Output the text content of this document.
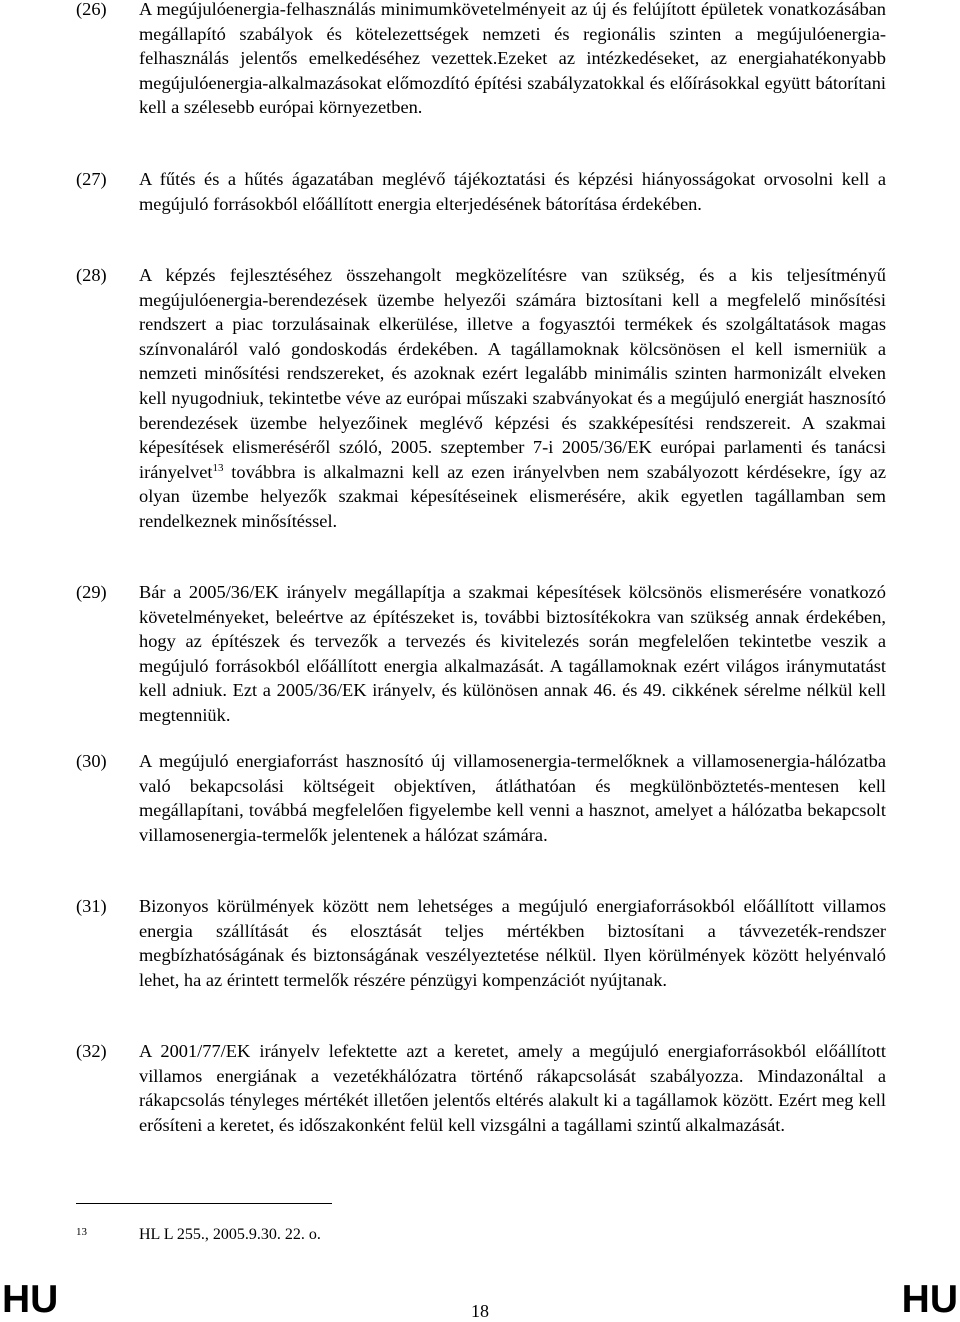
(26)	A megújulóenergia-felhasználás minimumkövetelményeit az új és felújított épületek vonatkozásában megállapító szabályok és kötelezettségek nemzeti és regionális szinten a megújulóenergia-felhasználás jelentős emelkedéséhez vezettek.Ezeket az intézkedéseket, az energiahatékonyabb megújulóenergia-alkalmazásokat előmozdító építési szabályzatokkal és előírásokkal együtt bátorítani kell a szélesebb európai környezetben.
(27)	A fűtés és a hűtés ágazatában meglévő tájékoztatási és képzési hiányosságokat orvosolni kell a megújuló forrásokból előállított energia elterjedésének bátorítása érdekében.
(28)	A képzés fejlesztéséhez összehangolt megközelítésre van szükség, és a kis teljesítményű megújulóenergia-berendezések üzembe helyezői számára biztosítani kell a megfelelő minősítési rendszert a piac torzulásainak elkerülése, illetve a fogyasztói termékek és szolgáltatások magas színvonaláról való gondoskodás érdekében. A tagállamoknak kölcsönösen el kell ismerniük a nemzeti minősítési rendszereket, és azoknak ezért legalább minimális szinten harmonizált elveken kell nyugodniuk, tekintetbe véve az európai műszaki szabványokat és a megújuló energiát hasznosító berendezések üzembe helyezőinek meglévő képzési és szakképesítési rendszereit. A szakmai képesítések elismeréséről szóló, 2005. szeptember 7-i 2005/36/EK európai parlamenti és tanácsi irányelvet$^{13}$ továbbra is alkalmazni kell az ezen irányelvben nem szabályozott kérdésekre, így az olyan üzembe helyezők szakmai képesítéseinek elismerésére, akik egyetlen tagállamban sem rendelkeznek minősítéssel.
(29)	Bár a 2005/36/EK irányelv megállapítja a szakmai képesítések kölcsönös elismerésére vonatkozó követelményeket, beleértve az építészeket is, további biztosítékokra van szükség annak érdekében, hogy az építészek és tervezők a tervezés és kivitelezés során megfelelően tekintetbe veszik a megújuló forrásokból előállított energia alkalmazását. A tagállamoknak ezért világos iránymutatást kell adniuk. Ezt a 2005/36/EK irányelv, és különösen annak 46. és 49. cikkének sérelme nélkül kell megtenniük.
(30)	A megújuló energiaforrást hasznosító új villamosenergia-termelőknek a villamosenergia-hálózatba való bekapcsolási költségeit objektíven, átláthatóan és megkülönböztetés-mentesen kell megállapítani, továbbá megfelelően figyelembe kell venni a hasznot, amelyet a hálózatba bekapcsolt villamosenergia-termelők jelentenek a hálózat számára.
(31)	Bizonyos körülmények között nem lehetséges a megújuló energiaforrásokból előállított villamos energia szállítását és elosztását teljes mértékben biztosítani a távvezeték-rendszer megbízhatóságának és biztonságának veszélyeztetése nélkül. Ilyen körülmények között helyénvaló lehet, ha az érintett termelők részére pénzügyi kompenzációt nyújtanak.
(32)	A 2001/77/EK irányelv lefektette azt a keretet, amely a megújuló energiaforrásokból előállított villamos energiának a vezetékhálózatra történő rákapcsolását szabályozza. Mindazonáltal a rákapcsolás tényleges mértékét illetően jelentős eltérés alakult ki a tagállamok között. Ezért meg kell erősíteni a keretet, és időszakonként felül kell vizsgálni a tagállami szintű alkalmazását.
13	HL L 255., 2005.9.30. 22. o.
HU	18	HU
